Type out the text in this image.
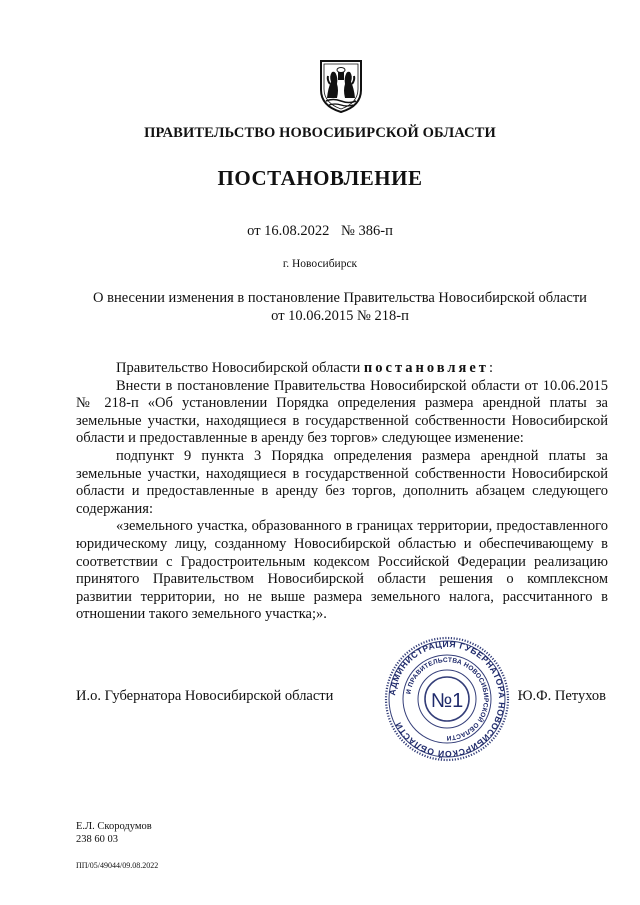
ПРАВИТЕЛЬСТВО НОВОСИБИРСКОЙ ОБЛАСТИ
ПОСТАНОВЛЕНИЕ
от 16.08.2022 № 386-п
г. Новосибирск
О внесении изменения в постановление Правительства Новосибирской области
от 10.06.2015 № 218-п

Правительство Новосибирской области постановляет:

Внести в постановление Правительства Новосибирской области от 10.06.2015 № 218-п «Об установлении Порядка определения размера арендной платы за земельные участки, находящиеся в государственной собственности Новосибирской области и предоставленные в аренду без торгов» следующее изменение:

подпункт 9 пункта 3 Порядка определения размера арендной платы за земельные участки, находящиеся в государственной собственности Новосибирской области и предоставленные в аренду без торгов, дополнить абзацем следующего содержания:

«земельного участка, образованного в границах территории, предоставленного юридическому лицу, созданному Новосибирской областью и обеспечивающему в соответствии с Градостроительным кодексом Российской Федерации реализацию принятого Правительством Новосибирской области решения о комплексном развитии территории, но не выше размера земельного налога, рассчитанного в отношении такого земельного участка;».

И.о. Губернатора Новосибирской области	Ю.Ф. Петухов
АДМИНИСТРАЦИЯ ГУБЕРНАТОРА НОВОСИБИРСКОЙ ОБЛАСТИ
И ПРАВИТЕЛЬСТВА НОВОСИБИРСКОЙ ОБЛАСТИ
№1
Е.Л. Скородумов
238 60 03
ПП/05/49044/09.08.2022
